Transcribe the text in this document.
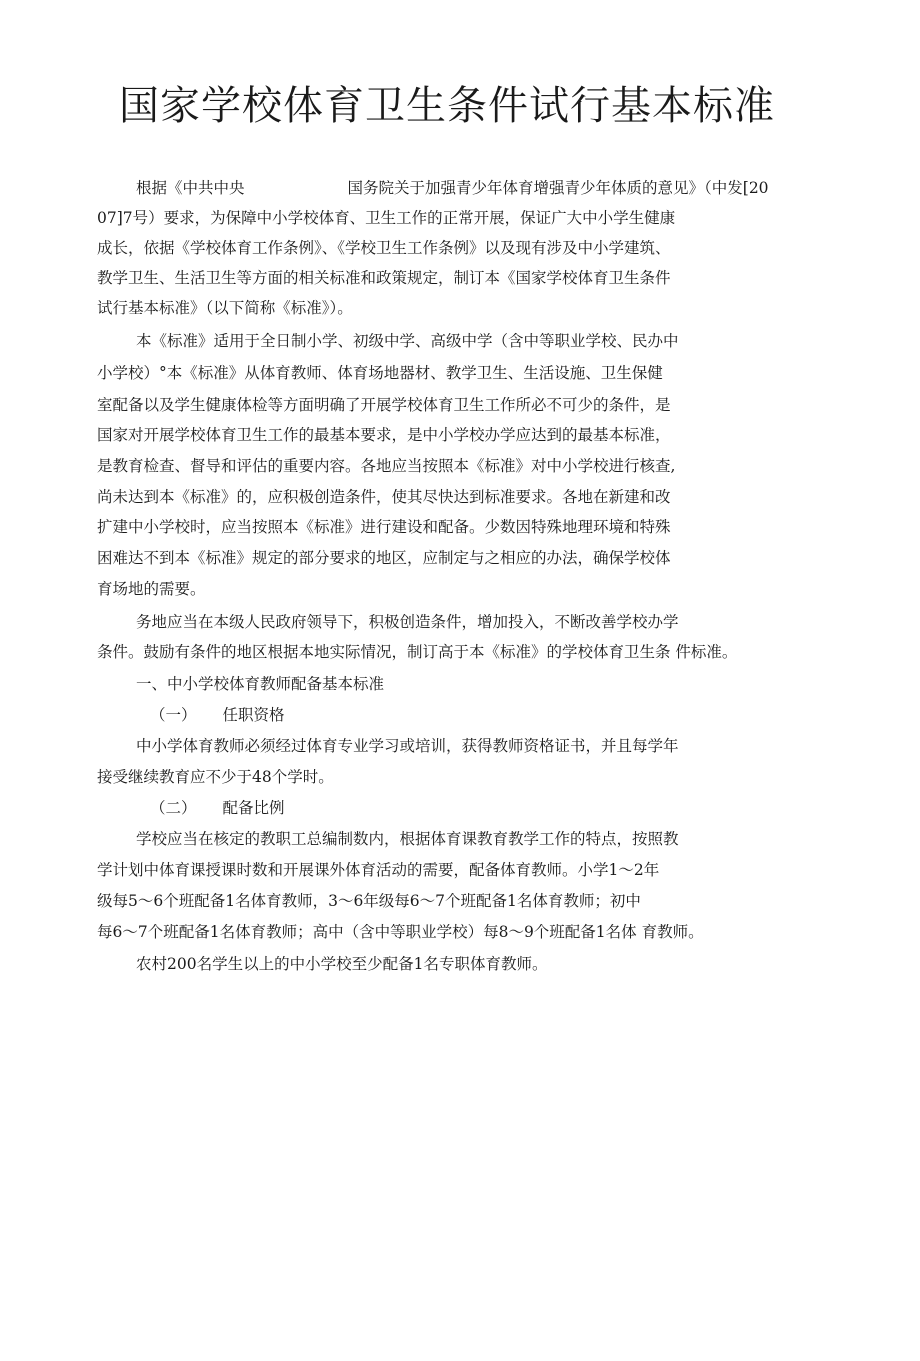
国家学校体育卫生条件试行基本标准

根据《中共中央	国务院关于加强青少年体育增强青少年体质的意见》（中发[20

07]7号）要求，为保障中小学校体育、卫生工作的正常开展，保证广大中小学生健康

成长，依据《学校体育工作条例》、《学校卫生工作条例》以及现有涉及中小学建筑、

教学卫生、生活卫生等方面的相关标准和政策规定，制订本《国家学校体育卫生条件

试行基本标准》（以下简称《标准》）。

本《标准》适用于全日制小学、初级中学、高级中学（含中等职业学校、民办中

小学校）°本《标准》从体育教师、体育场地器材、教学卫生、生活设施、卫生保健

室配备以及学生健康体检等方面明确了开展学校体育卫生工作所必不可少的条件，是

国家对开展学校体育卫生工作的最基本要求，是中小学校办学应达到的最基本标准，

是教育检查、督导和评估的重要内容。各地应当按照本《标准》对中小学校进行核查,

尚未达到本《标准》的，应积极创造条件，使其尽快达到标准要求。各地在新建和改

扩建中小学校时，应当按照本《标准》进行建设和配备。少数因特殊地理环境和特殊

困难达不到本《标准》规定的部分要求的地区，应制定与之相应的办法，确保学校体

育场地的需要。

务地应当在本级人民政府领导下，积极创造条件，增加投入，不断改善学校办学

条件。鼓励有条件的地区根据本地实际情况，制订高于本《标准》的学校体育卫生条 件标准。

一、中小学校体育教师配备基本标准

（一） 任职资格

中小学体育教师必须经过体育专业学习或培训，获得教师资格证书，并且每学年

接受继续教育应不少于48个学时。

（二） 配备比例

学校应当在核定的教职工总编制数内，根据体育课教育教学工作的特点，按照教

学计划中体育课授课时数和开展课外体育活动的需要，配备体育教师。小学1〜2年

级每5〜6个班配备1名体育教师，3〜6年级每6〜7个班配备1名体育教师；初中

每6〜7个班配备1名体育教师；高中（含中等职业学校）每8〜9个班配备1名体 育教师。

农村200名学生以上的中小学校至少配备1名专职体育教师。
